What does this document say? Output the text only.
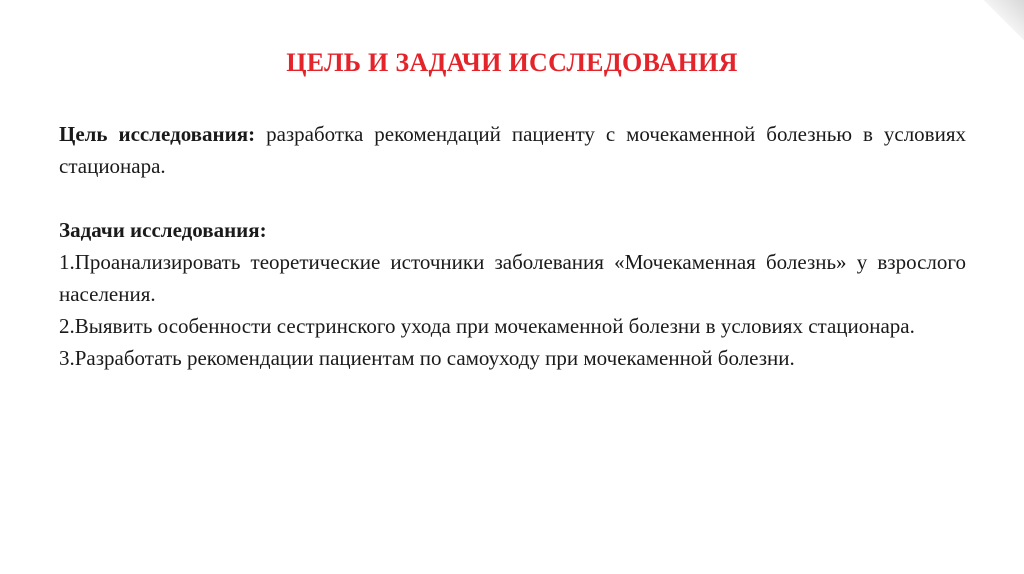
ЦЕЛЬ И ЗАДАЧИ ИССЛЕДОВАНИЯ

Цель исследования: разработка рекомендаций пациенту с мочекаменной болезнью в условиях стационара.

Задачи исследования:

1.Проанализировать теоретические источники заболевания «Мочекаменная болезнь» у взрослого населения.

2.Выявить особенности сестринского ухода при мочекаменной болезни в условиях стационара.

3.Разработать рекомендации пациентам по самоуходу при мочекаменной болезни.
